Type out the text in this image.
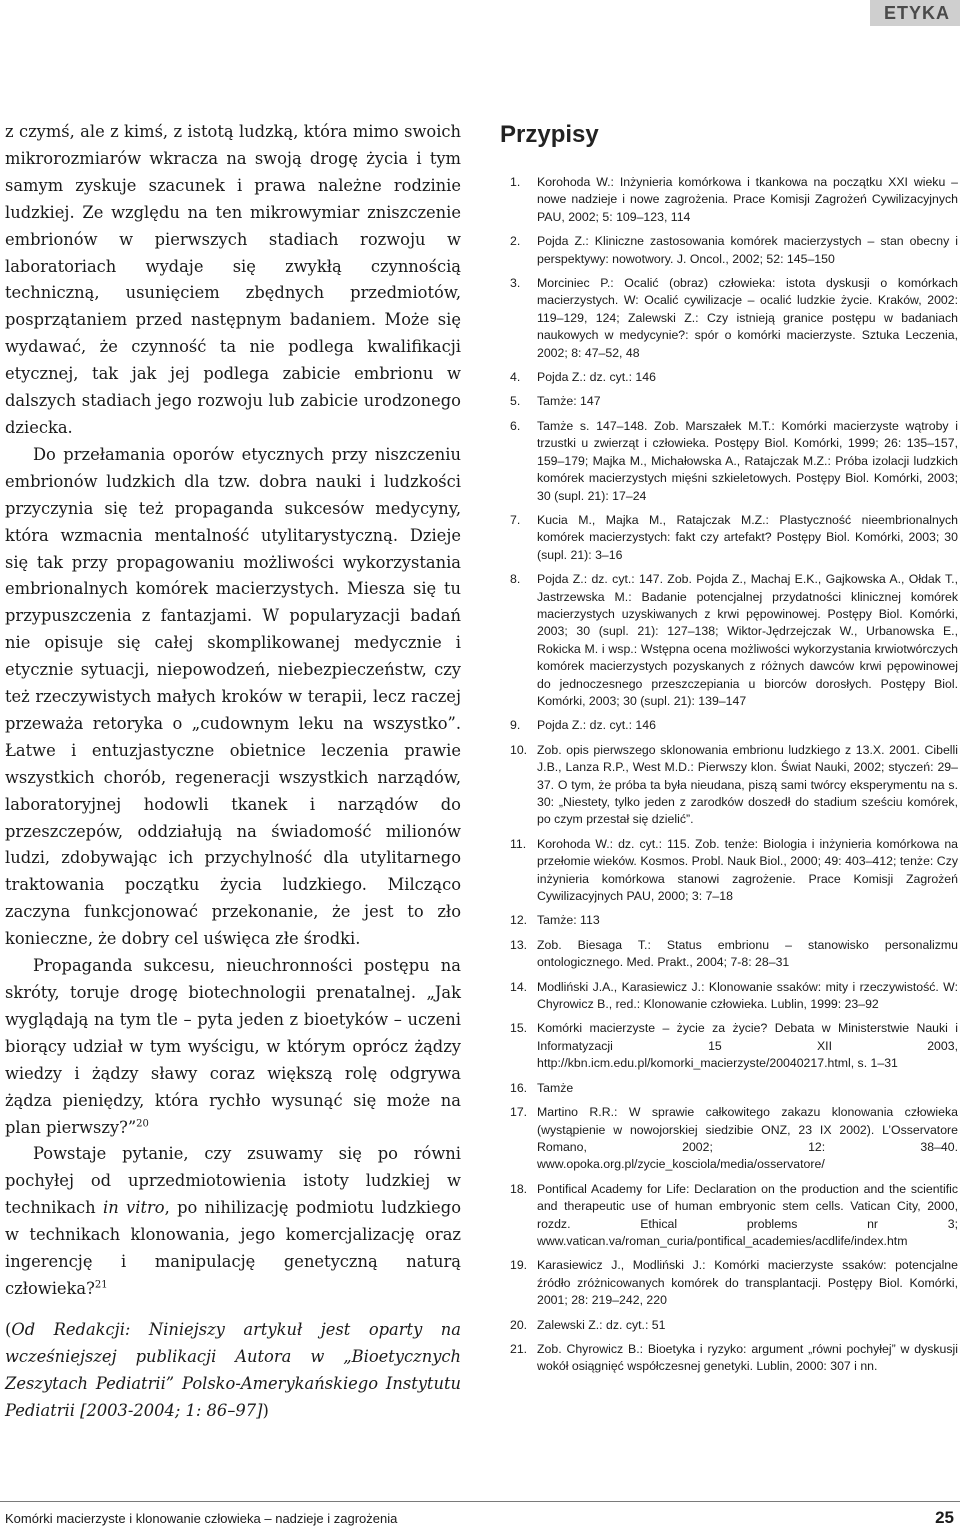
ETYKA

z czymś, ale z kimś, z istotą ludzką, która mimo swoich mikrorozmiarów wkracza na swoją drogę życia i tym samym zyskuje szacunek i prawa należne rodzinie ludzkiej. Ze względu na ten mikrowymiar zniszczenie embrionów w pierwszych stadiach rozwoju w laboratoriach wydaje się zwykłą czynnością techniczną, usunięciem zbędnych przedmiotów, posprzątaniem przed następnym badaniem. Może się wydawać, że czynność ta nie podlega kwalifikacji etycznej, tak jak jej podlega zabicie embrionu w dalszych stadiach jego rozwoju lub zabicie urodzonego dziecka.

Do przełamania oporów etycznych przy niszczeniu embrionów ludzkich dla tzw. dobra nauki i ludzkości przyczynia się też propaganda sukcesów medycyny, która wzmacnia mentalność utylitarystyczną. Dzieje się tak przy propagowaniu możliwości wykorzystania embrionalnych komórek macierzystych. Miesza się tu przypuszczenia z fantazjami. W popularyzacji badań nie opisuje się całej skomplikowanej medycznie i etycznie sytuacji, niepowodzeń, niebezpieczeństw, czy też rzeczywistych małych kroków w terapii, lecz raczej przeważa retoryka o „cudownym leku na wszystko”. Łatwe i entuzjastyczne obietnice leczenia prawie wszystkich chorób, regeneracji wszystkich narządów, laboratoryjnej hodowli tkanek i narządów do przeszczepów, oddziałują na świadomość milionów ludzi, zdobywając ich przychylność dla utylitarnego traktowania początku życia ludzkiego. Milcząco zaczyna funkcjonować przekonanie, że jest to zło konieczne, że dobry cel uświęca złe środki.

Propaganda sukcesu, nieuchronności postępu na skróty, toruje drogę biotechnologii prenatalnej. „Jak wyglądają na tym tle – pyta jeden z bioetyków – uczeni biorący udział w tym wyścigu, w którym oprócz żądzy wiedzy i żądzy sławy coraz większą rolę odgrywa żądza pieniędzy, która rychło wysunąć się może na plan pierwszy?”$^{20}$

Powstaje pytanie, czy zsuwamy się po równi pochyłej od uprzedmiotowienia istoty ludzkiej w technikach in vitro, po nihilizację podmiotu ludzkiego w technikach klonowania, jego komercjalizację oraz ingerencję i manipulację genetyczną naturą człowieka?$^{21}$

(Od Redakcji: Niniejszy artykuł jest oparty na wcześniejszej publikacji Autora w „Bioetycznych Zeszytach Pediatrii” Polsko-Amerykańskiego Instytutu Pediatrii [2003-2004; 1: 86–97])

Przypisy
1.	Korohoda W.: Inżynieria komórkowa i tkankowa na początku XXI wieku – nowe nadzieje i nowe zagrożenia. Prace Komisji Zagrożeń Cywilizacyjnych PAU, 2002; 5: 109–123, 114
2.	Pojda Z.: Kliniczne zastosowania komórek macierzystych – stan obecny i perspektywy: nowotwory. J. Oncol., 2002; 52: 145–150
3.	Morciniec P.: Ocalić (obraz) człowieka: istota dyskusji o komórkach macierzystych. W: Ocalić cywilizacje – ocalić ludzkie życie. Kraków, 2002: 119–129, 124; Zalewski Z.: Czy istnieją granice postępu w badaniach naukowych w medycynie?: spór o komórki macierzyste. Sztuka Leczenia, 2002; 8: 47–52, 48
4.	Pojda Z.: dz. cyt.: 146
5.	Tamże: 147
6.	Tamże s. 147–148. Zob. Marszałek M.T.: Komórki macierzyste wątroby i trzustki u zwierząt i człowieka. Postępy Biol. Komórki, 1999; 26: 135–157, 159–179; Majka M., Michałowska A., Ratajczak M.Z.: Próba izolacji ludzkich komórek macierzystych mięśni szkieletowych. Postępy Biol. Komórki, 2003; 30 (supl. 21): 17–24
7.	Kucia M., Majka M., Ratajczak M.Z.: Plastyczność nieembrionalnych komórek macierzystych: fakt czy artefakt? Postępy Biol. Komórki, 2003; 30 (supl. 21): 3–16
8.	Pojda Z.: dz. cyt.: 147. Zob. Pojda Z., Machaj E.K., Gajkowska A., Ołdak T., Jastrzewska M.: Badanie potencjalnej przydatności klinicznej komórek macierzystych uzyskiwanych z krwi pępowinowej. Postępy Biol. Komórki, 2003; 30 (supl. 21): 127–138; Wiktor-Jędrzejczak W., Urbanowska E., Rokicka M. i wsp.: Wstępna ocena możliwości wykorzystania krwiotwórczych komórek macierzystych pozyskanych z różnych dawców krwi pępowinowej do jednoczesnego przeszczepiania u biorców dorosłych. Postępy Biol. Komórki, 2003; 30 (supl. 21): 139–147
9.	Pojda Z.: dz. cyt.: 146
10. Zob. opis pierwszego sklonowania embrionu ludzkiego z 13.X. 2001. Cibelli J.B., Lanza R.P., West M.D.: Pierwszy klon. Świat Nauki, 2002; styczeń: 29–37. O tym, że próba ta była nieudana, piszą sami twórcy eksperymentu na s. 30: „Niestety, tylko jeden z zarodków doszedł do stadium sześciu komórek, po czym przestał się dzielić”.
11. Korohoda W.: dz. cyt.: 115. Zob. tenże: Biologia i inżynieria komórkowa na przełomie wieków. Kosmos. Probl. Nauk Biol., 2000; 49: 403–412; tenże: Czy inżynieria komórkowa stanowi zagrożenie. Prace Komisji Zagrożeń Cywilizacyjnych PAU, 2000; 3: 7–18
12. Tamże: 113
13. Zob. Biesaga T.: Status embrionu – stanowisko personalizmu ontologicznego. Med. Prakt., 2004; 7-8: 28–31
14. Modliński J.A., Karasiewicz J.: Klonowanie ssaków: mity i rzeczywistość. W: Chyrowicz B., red.: Klonowanie człowieka. Lublin, 1999: 23–92
15. Komórki macierzyste – życie za życie? Debata w Ministerstwie Nauki i Informatyzacji 15 XII 2003, http://kbn.icm.edu.pl/komorki_macierzyste/20040217.html, s. 1–31
16. Tamże
17. Martino R.R.: W sprawie całkowitego zakazu klonowania człowieka (wystąpienie w nowojorskiej siedzibie ONZ, 23 IX 2002). L’Osservatore Romano, 2002; 12: 38–40. www.opoka.org.pl/zycie_kosciola/media/osservatore/
18. Pontifical Academy for Life: Declaration on the production and the scientific and therapeutic use of human embryonic stem cells. Vatican City, 2000, rozdz. Ethical problems nr 3; www.vatican.va/roman_curia/pontifical_academies/acdlife/index.htm
19. Karasiewicz J., Modliński J.: Komórki macierzyste ssaków: potencjalne źródło zróżnicowanych komórek do transplantacji. Postępy Biol. Komórki, 2001; 28: 219–242, 220
20. Zalewski Z.: dz. cyt.: 51
21. Zob. Chyrowicz B.: Bioetyka i ryzyko: argument „równi pochyłej” w dyskusji wokół osiągnięć współczesnej genetyki. Lublin, 2000: 307 i nn.
Komórki macierzyste i klonowanie człowieka – nadzieje i zagrożenia	25
